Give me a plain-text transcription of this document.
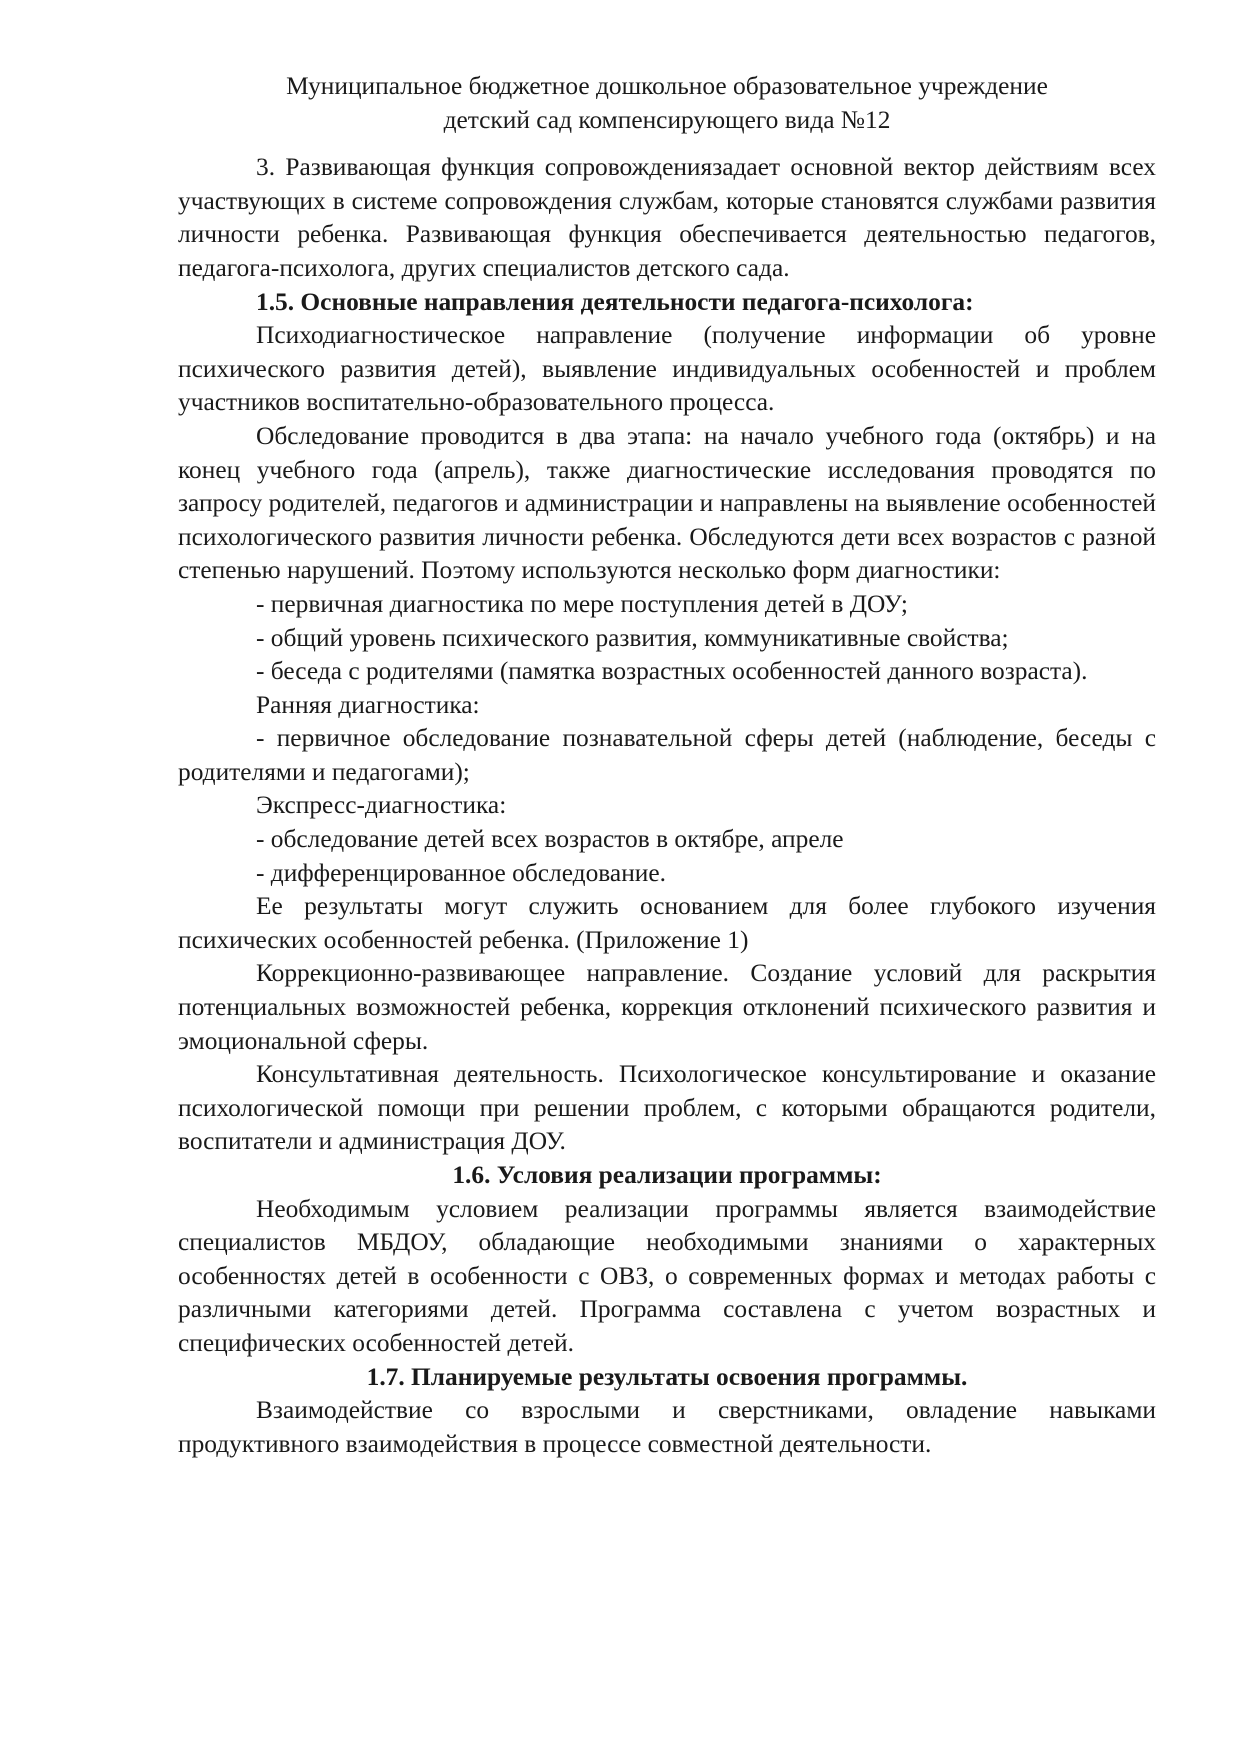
Муниципальное бюджетное дошкольное образовательное учреждение
детский сад компенсирующего вида №12

3. Развивающая функция сопровождениязадает основной вектор действиям всех участвующих в системе сопровождения службам, которые становятся службами развития личности ребенка. Развивающая функция обеспечивается деятельностью педагогов, педагога-психолога, других специалистов детского сада.

1.5. Основные направления деятельности педагога-психолога:

Психодиагностическое направление (получение информации об уровне психического развития детей), выявление индивидуальных особенностей и проблем участников воспитательно-образовательного процесса.

Обследование проводится в два этапа: на начало учебного года (октябрь) и на конец учебного года (апрель), также диагностические исследования проводятся по запросу родителей, педагогов и администрации и направлены на выявление особенностей психологического развития личности ребенка. Обследуются дети всех возрастов с разной степенью нарушений. Поэтому используются несколько форм диагностики:

- первичная диагностика по мере поступления детей в ДОУ;

- общий уровень психического развития, коммуникативные свойства;

- беседа с родителями (памятка возрастных особенностей данного возраста).

Ранняя диагностика:

- первичное обследование познавательной сферы детей (наблюдение, беседы с родителями и педагогами);

Экспресс-диагностика:

- обследование детей всех возрастов в октябре, апреле

- дифференцированное обследование.

Ее результаты могут служить основанием для более глубокого изучения психических особенностей ребенка. (Приложение 1)

Коррекционно-развивающее направление. Создание условий для раскрытия потенциальных возможностей ребенка, коррекция отклонений психического развития и эмоциональной сферы.

Консультативная деятельность. Психологическое консультирование и оказание психологической помощи при решении проблем, с которыми обращаются родители, воспитатели и администрация ДОУ.

1.6. Условия реализации программы:

Необходимым условием реализации программы является взаимодействие специалистов МБДОУ, обладающие необходимыми знаниями о характерных особенностях детей в особенности с ОВЗ, о современных формах и методах работы с различными категориями детей. Программа составлена с учетом возрастных и специфических особенностей детей.

1.7. Планируемые результаты освоения программы.

Взаимодействие со взрослыми и сверстниками, овладение навыками продуктивного взаимодействия в процессе совместной деятельности.
